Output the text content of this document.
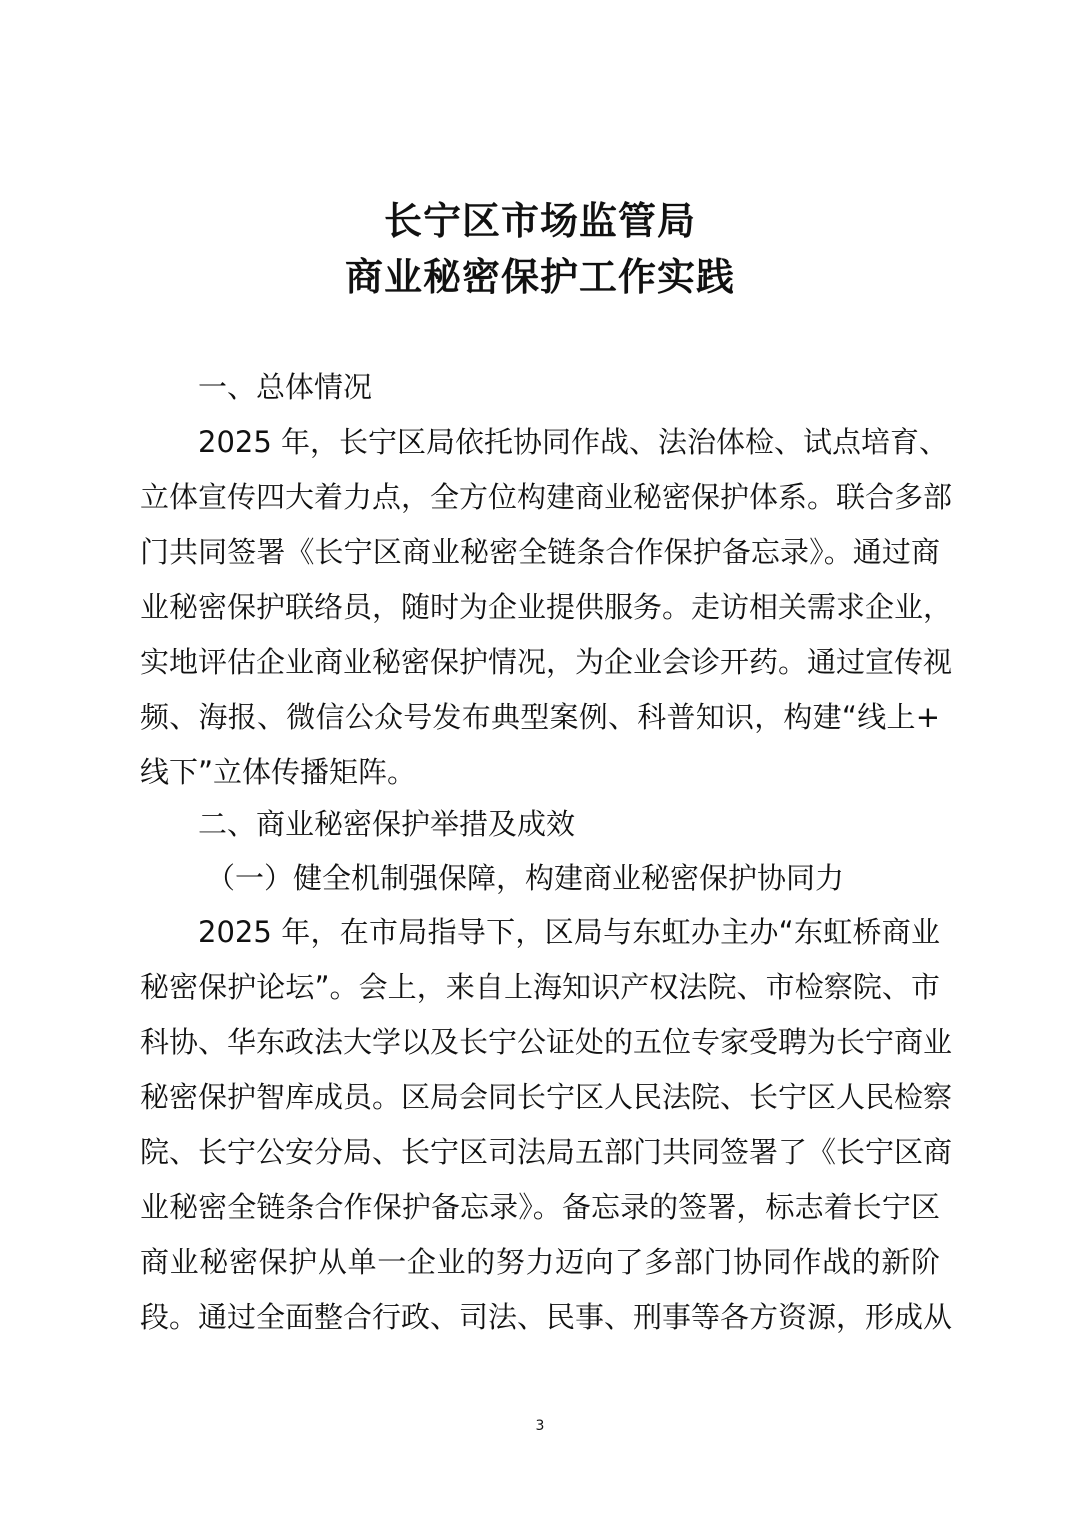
长宁区市场监管局
商业秘密保护工作实践
一、总体情况
2025 年，长宁区局依托协同作战、法治体检、试点培育、
立体宣传四大着力点，全方位构建商业秘密保护体系。联合多部
门共同签署《长宁区商业秘密全链条合作保护备忘录》。通过商
业秘密保护联络员，随时为企业提供服务。走访相关需求企业，
实地评估企业商业秘密保护情况，为企业会诊开药。通过宣传视
频、海报、微信公众号发布典型案例、科普知识，构建“线上+
线下”立体传播矩阵。
二、商业秘密保护举措及成效
（一）健全机制强保障，构建商业秘密保护协同力
2025 年，在市局指导下，区局与东虹办主办“东虹桥商业
秘密保护论坛”。会上，来自上海知识产权法院、市检察院、市
科协、华东政法大学以及长宁公证处的五位专家受聘为长宁商业
秘密保护智库成员。区局会同长宁区人民法院、长宁区人民检察
院、长宁公安分局、长宁区司法局五部门共同签署了《长宁区商
业秘密全链条合作保护备忘录》。备忘录的签署，标志着长宁区
商业秘密保护从单一企业的努力迈向了多部门协同作战的新阶
段。通过全面整合行政、司法、民事、刑事等各方资源，形成从
3
